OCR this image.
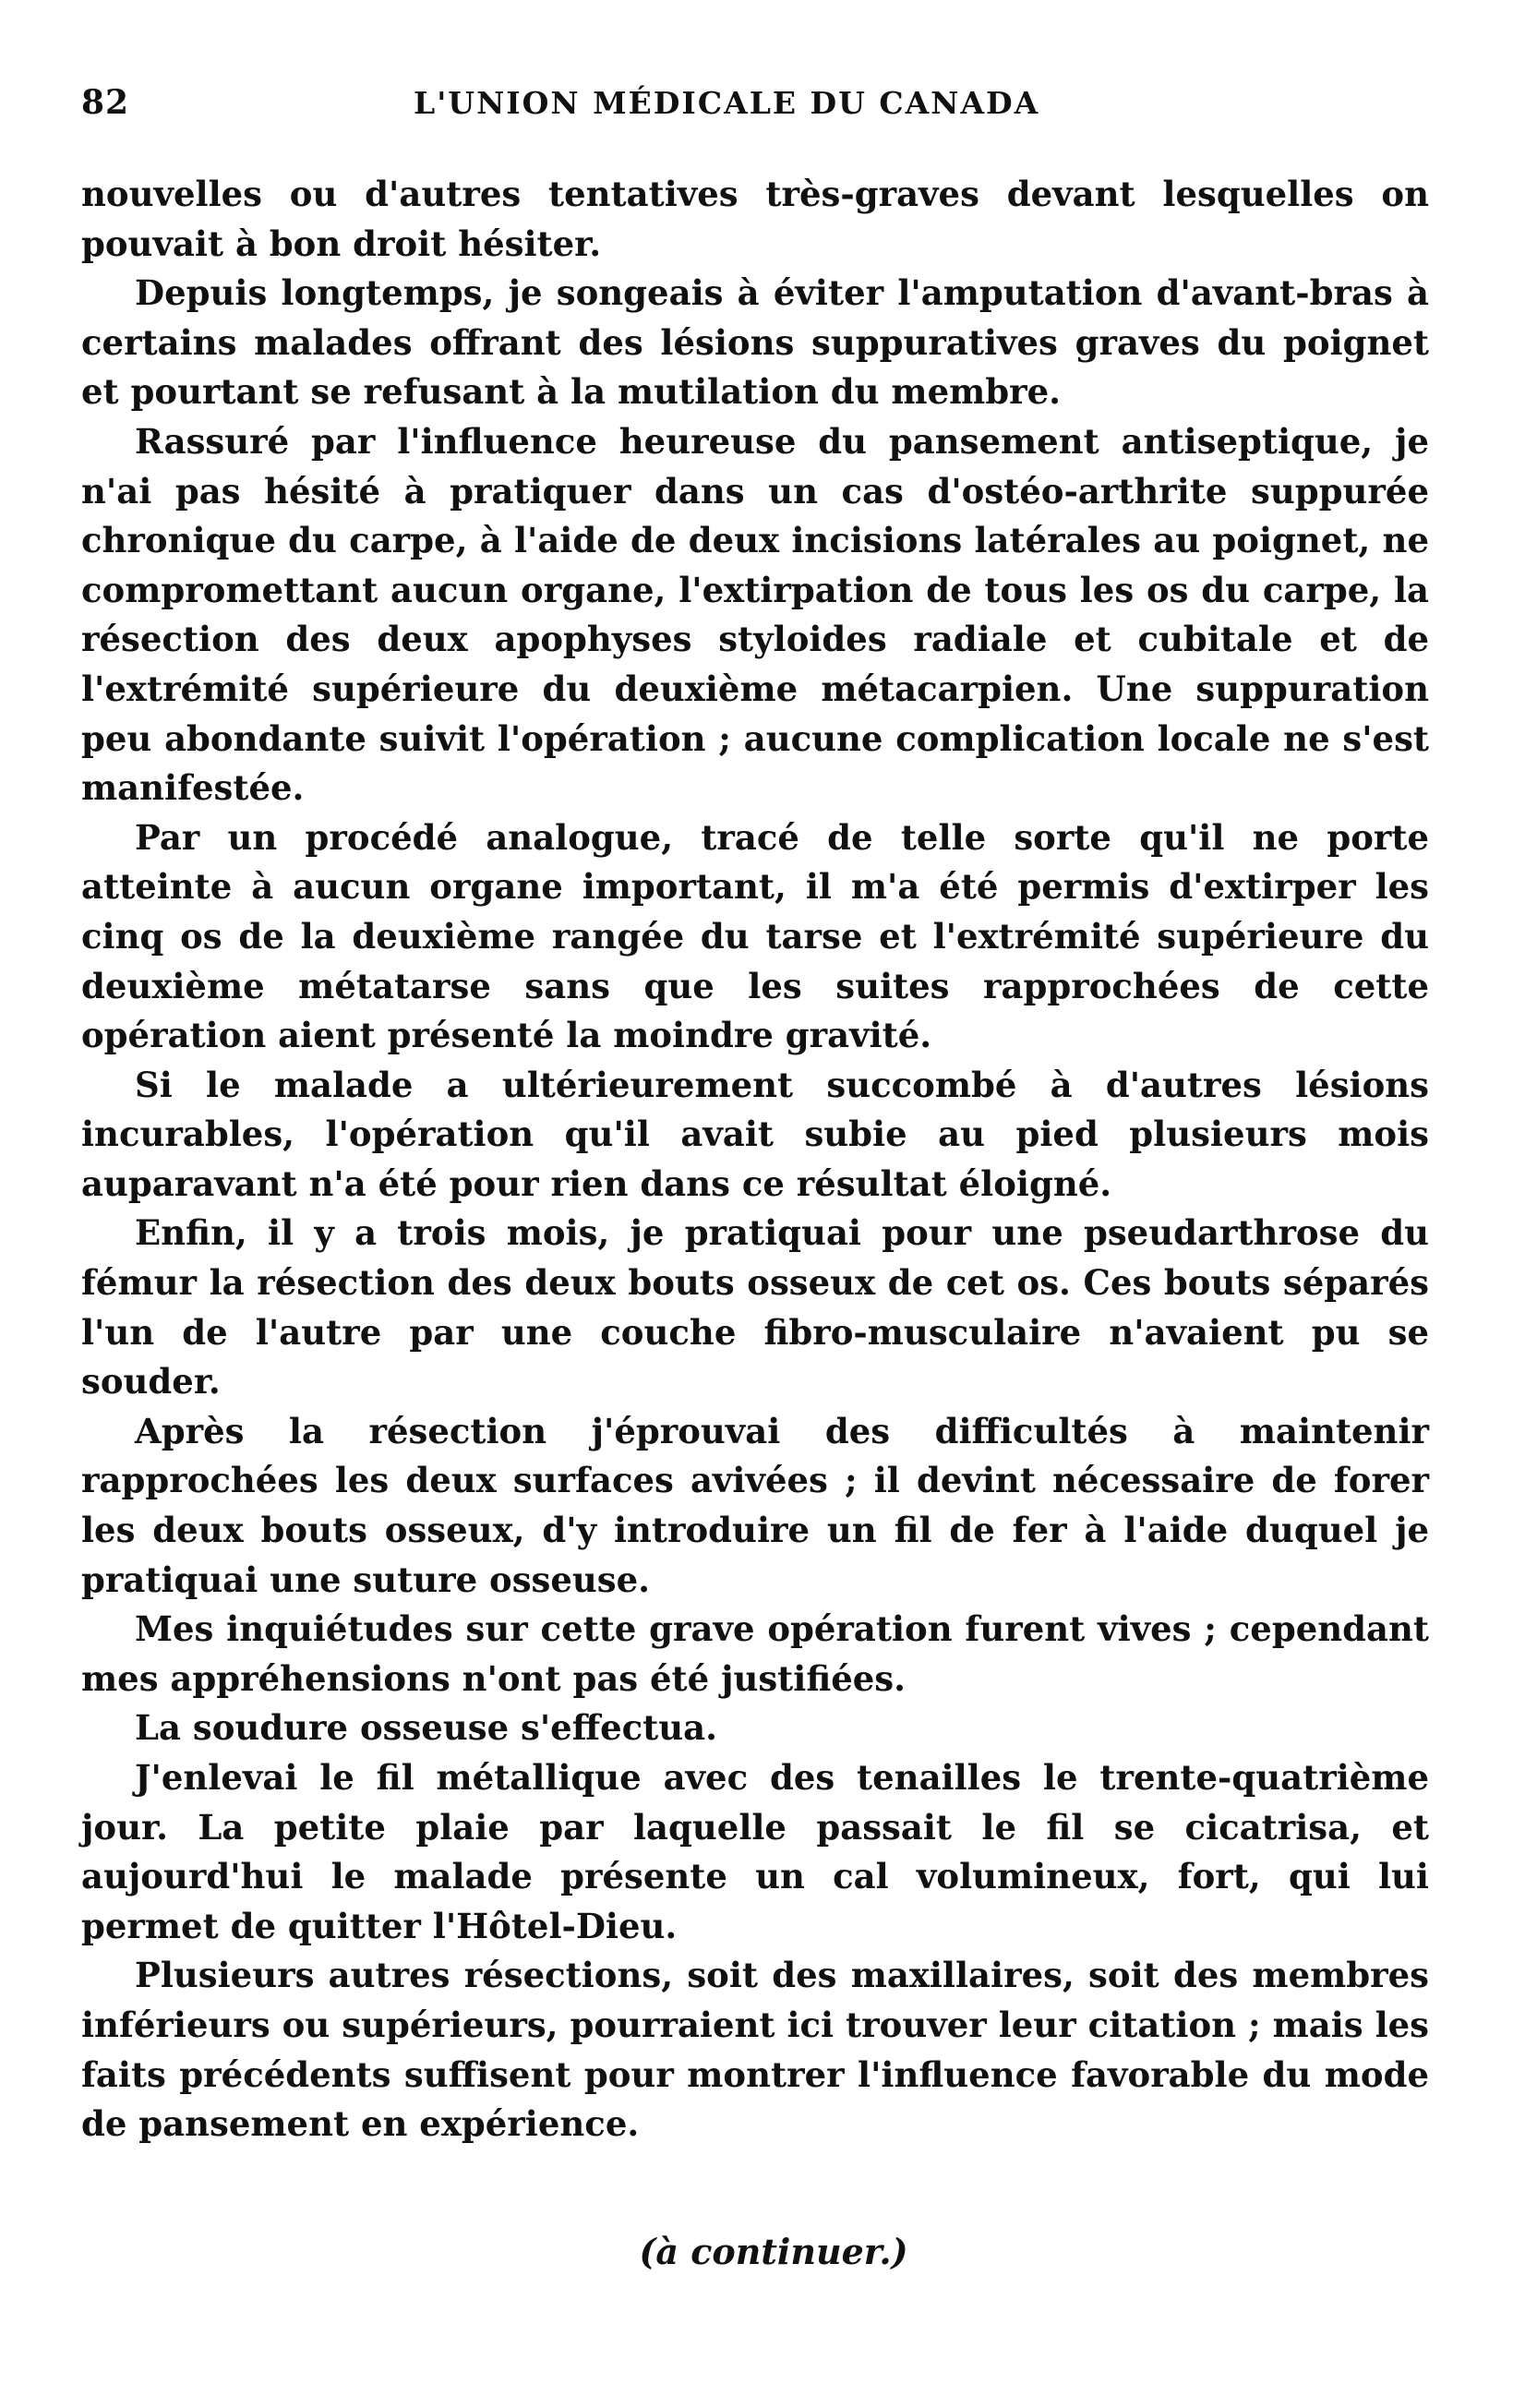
82	L'UNION MÉDICALE DU CANADA

nouvelles ou d'autres tentatives très-graves devant lesquelles on pouvait à bon droit hésiter.

Depuis longtemps, je songeais à éviter l'amputation d'avant-bras à certains malades offrant des lésions suppuratives graves du poignet et pourtant se refusant à la mutilation du membre.

Rassuré par l'influence heureuse du pansement antiseptique, je n'ai pas hésité à pratiquer dans un cas d'ostéo-arthrite suppurée chronique du carpe, à l'aide de deux incisions latérales au poignet, ne compromettant aucun organe, l'extirpation de tous les os du carpe, la résection des deux apophyses styloides radiale et cubitale et de l'extrémité supérieure du deuxième métacarpien. Une suppuration peu abondante suivit l'opération ; aucune complication locale ne s'est manifestée.

Par un procédé analogue, tracé de telle sorte qu'il ne porte atteinte à aucun organe important, il m'a été permis d'extirper les cinq os de la deuxième rangée du tarse et l'extrémité supérieure du deuxième métatarse sans que les suites rapprochées de cette opération aient présenté la moindre gravité.

Si le malade a ultérieurement succombé à d'autres lésions incurables, l'opération qu'il avait subie au pied plusieurs mois auparavant n'a été pour rien dans ce résultat éloigné.

Enfin, il y a trois mois, je pratiquai pour une pseudarthrose du fémur la résection des deux bouts osseux de cet os. Ces bouts séparés l'un de l'autre par une couche fibro-musculaire n'avaient pu se souder.

Après la résection j'éprouvai des difficultés à maintenir rapprochées les deux surfaces avivées ; il devint nécessaire de forer les deux bouts osseux, d'y introduire un fil de fer à l'aide duquel je pratiquai une suture osseuse.

Mes inquiétudes sur cette grave opération furent vives ; cependant mes appréhensions n'ont pas été justifiées.

La soudure osseuse s'effectua.

J'enlevai le fil métallique avec des tenailles le trente-quatrième jour. La petite plaie par laquelle passait le fil se cicatrisa, et aujourd'hui le malade présente un cal volumineux, fort, qui lui permet de quitter l'Hôtel-Dieu.

Plusieurs autres résections, soit des maxillaires, soit des membres inférieurs ou supérieurs, pourraient ici trouver leur citation ; mais les faits précédents suffisent pour montrer l'influence favorable du mode de pansement en expérience.

(à continuer.)
